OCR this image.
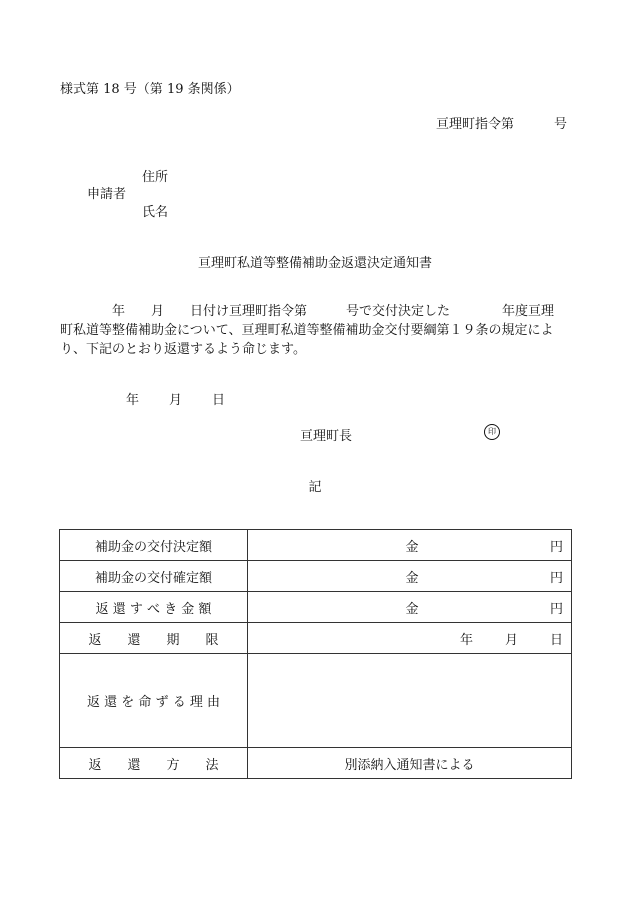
様式第 18 号（第 19 条関係）
亘理町指令第	号
住所
申請者
氏名
亘理町私道等整備補助金返還決定通知書
　　　　年　　月　　日付け亘理町指令第　　　号で交付決定した　　　　年度亘理
町私道等整備補助金について、亘理町私道等整備補助金交付要綱第１９条の規定によ
り、下記のとおり返還するよう命じます。
年 月 日
亘理町長	印
記
補助金の交付決定額	金 円

補助金の交付確定額	金 円

返 還 す べ き 金 額	金 円

返　　還　　期　　限	年 月 日
返 還 を 命 ず る 理 由	
返　　還　　方　　法	別添納入通知書による
